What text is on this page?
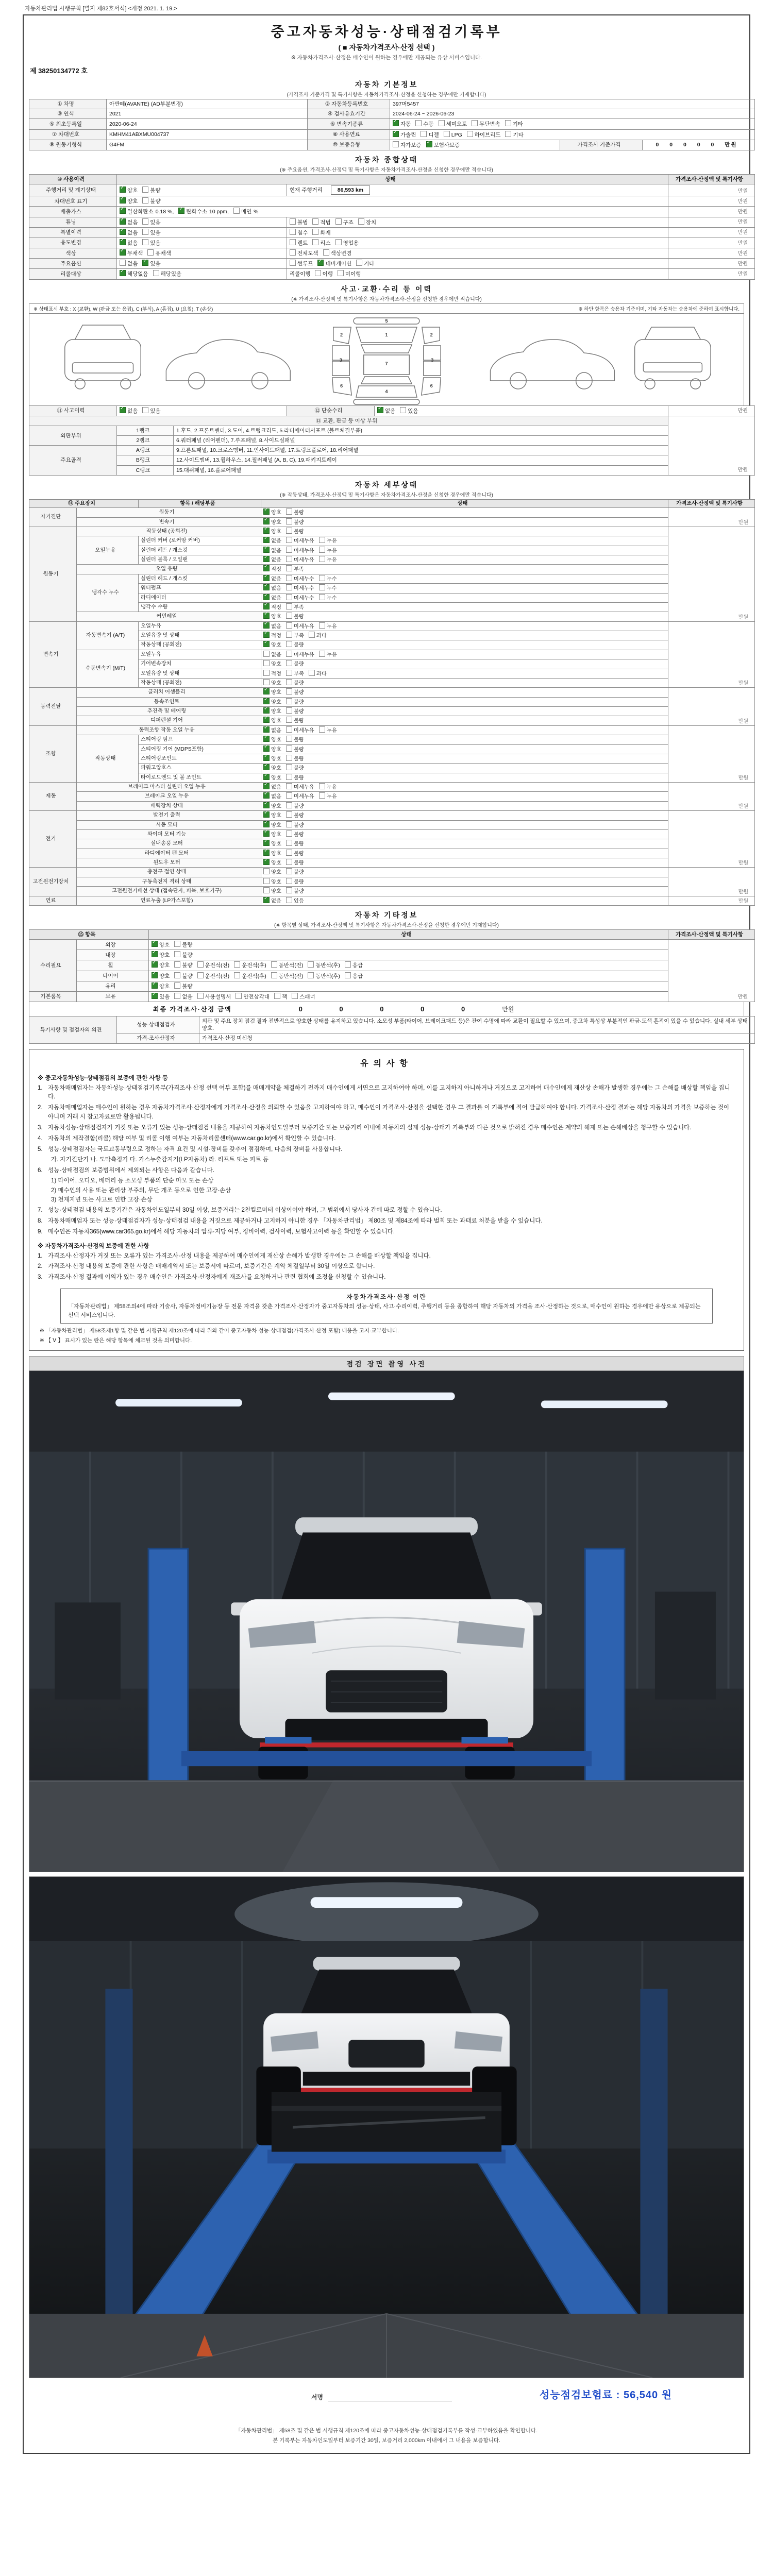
자동차관리법 시행규칙 [별지 제82호서식] <개정 2021. 1. 19.>
중고자동차성능·상태점검기록부
( ■ 자동차가격조사·산정 선택 )
※ 자동차가격조사·산정은 매수인이 원하는 경우에만 제공되는 유상 서비스입니다.
제 38250134772 호
자동차 기본정보
(가격조사 기준가격 및 특기사항은 자동차가격조사·산정을 신청하는 경우에만 기재합니다)
① 차명	아반떼(AVANTE) (AD부분변경)	② 자동차등록번호	397머5457		
③ 연식	2021	④ 검사유효기간	2024-06-24 ~ 2026-06-23		
⑤ 최초등록일	2020-06-24	⑥ 변속기종류	✓자동 수동 세미오토 무단변속 기타
⑦ 차대번호	KMHM41ABXMU004737	⑧ 사용연료	✓가솔린 디젤 LPG 하이브리드 기타
⑨ 원동기형식	G4FM	⑩ 보증유형	자가보증 ✓ 보험사보증	가격조사 기준가격	0 0 0 0 0 만원
자동차 종합상태
(※ 주요옵션, 가격조사·산정액 및 특기사항은 자동차가격조사·산정을 신청한 경우에만 적습니다)
⑩ 사용이력	상태		가격조사·산정액 및 특기사항
주행거리 및 계기상태	✓양호 불량	현재 주행거리 86,593 km	만원
차대번호 표기	✓양호 불량		만원
배출가스	✓일산화탄소 0.18 %, ✓ 탄화수소 10 ppm, 매연 %		만원
튜닝	✓없음 있음	불법 적법 구조 장치	만원
특별이력	✓없음 있음	침수 화재	만원
용도변경	✓없음 있음	렌트 리스 영업용	만원
색상	✓무채색 유채색	전체도색 색상변경	만원
주요옵션	없음 ✓ 있음	썬루프 ✓ 네비게이션 기타	만원
리콜대상	✓해당없음 해당있음	리콜이행 이행 미이행	만원
사고·교환·수리 등 이력
(※ 가격조사·산정액 및 특기사항은 자동차가격조사·산정을 신청한 경우에만 적습니다)
※ 상태표시 부호 : X (교환), W (판금 또는 용접), C (부식), A (흠집), U (요철), T (손상)	※ 하단 항목은 승용차 기준이며, 기타 자동차는 승용차에 준하여 표시합니다.
5
1
7
4
2	2
3	3
6	6
⑪ 사고이력	✓없음 있음	⑫ 단순수리	✓없음 있음	만원
⑬ 교환, 판금 등 이상 부위			만원
외판부위	1랭크	1.후드, 2.프론트펜더, 3.도어, 4.트렁크리드, 5.라디에이터서포트 (볼트체결부품)	
	2랭크	6.쿼터패널 (리어펜더), 7.루프패널, 8.사이드실패널	
주요골격	A랭크	9.프론트패널, 10.크로스멤버, 11.인사이드패널, 17.트렁크플로어, 18.리어패널	
	B랭크	12.사이드멤버, 13.휠하우스, 14.필러패널 (A, B, C), 19.패키지트레이	
	C랭크	15.대쉬패널, 16.플로어패널	
자동차 세부상태
(※ 작동상태, 가격조사·산정액 및 특기사항은 자동차가격조사·산정을 신청한 경우에만 적습니다)
⑭ 주요장치		항목 / 해당부품	상태	가격조사·산정액 및 특기사항
자기진단	원동기	✓양호 불량	만원
	변속기	✓양호 불량
원동기	작동상태 (공회전)	✓양호 불량	만원
	오일누유	실린더 커버 (로커암 커버)	✓없음 미세누유 누유
		실린더 헤드 / 개스킷	✓없음 미세누유 누유
		실린더 블록 / 오일팬	✓없음 미세누유 누유
	오일 유량	✓적정 부족
	냉각수 누수	실린더 헤드 / 개스킷	✓없음 미세누수 누수
		워터펌프	✓없음 미세누수 누수
		라디에이터	✓없음 미세누수 누수
		냉각수 수량	✓적정 부족
	커먼레일	✓양호 불량
변속기	자동변속기 (A/T)	오일누유	✓없음 미세누유 누유	만원
		오일유량 및 상태	✓적정 부족 과다
		작동상태 (공회전)	✓양호 불량
	수동변속기 (M/T)	오일누유	없음 미세누유 누유	
		기어변속장치	양호 불량	
		오일유량 및 상태	적정 부족 과다	
		작동상태 (공회전)	양호 불량	
동력전달	클러치 어셈블리	✓양호 불량	만원
	등속조인트	✓양호 불량
	추진축 및 베어링	✓양호 불량
	디퍼렌셜 기어	✓양호 불량
조향	동력조향 작동 오일 누유	✓없음 미세누유 누유	만원
	작동상태	스티어링 펌프	✓양호 불량
		스티어링 기어 (MDPS포함)	✓양호 불량
		스티어링조인트	✓양호 불량
		파워고압호스	✓양호 불량
		타이로드엔드 및 볼 조인트	✓양호 불량
제동	브레이크 마스터 실린더 오일 누유	✓없음 미세누유 누유	만원
	브레이크 오일 누유	✓없음 미세누유 누유
	배력장치 상태	✓양호 불량
전기	발전기 출력	✓양호 불량	만원
	시동 모터	✓양호 불량
	와이퍼 모터 기능	✓양호 불량
	실내송풍 모터	✓양호 불량
	라디에이터 팬 모터	✓양호 불량
	윈도우 모터	✓양호 불량
고전원전기장치	충전구 절연 상태		양호 불량	만원
	구동축전지 격리 상태		양호 불량	
	고전원전기배선 상태 (접속단자, 피복, 보호기구)		양호 불량	
연료	연료누출 (LP가스포함)	✓없음 있음	만원
자동차 기타정보
(※ 항목별 상태, 가격조사·산정액 및 특기사항은 자동차가격조사·산정을 신청한 경우에만 기재합니다)
⑮ 항목		상태	가격조사·산정액 및 특기사항
수리필요	외장	✓양호 불량	만원
	내장	✓양호 불량
	휠	✓양호 불량 운전석(전) 운전석(후) 동반석(전) 동반석(후) 응급
	타이어	✓양호 불량 운전석(전) 운전석(후) 동반석(전) 동반석(후) 응급
	유리	✓양호 불량
기본품목	보유	✓있음 없음 사용설명서 안전삼각대 잭 스패너
최종 가격조사·산정 금액	0 0 0 0 0	만원
특기사항 및 점검자의 의견	성능·상태점검자	외관 및 주요 장치 점검 결과 전반적으로 양호한 상태를 유지하고 있습니다. 소모성 부품(타이어, 브레이크패드 등)은 잔여 수명에 따라 교환이 필요할 수 있으며, 중고차 특성상 부분적인 판금·도색 흔적이 있을 수 있습니다. 실내 세부 상태 양호.
	가격·조사산정자	가격조사·산정 미신청
유의사항
※ 중고자동차성능·상태점검의 보증에 관한 사항 등
1. 자동차매매업자는 자동차성능·상태점검기록부(가격조사·산정 선택 여부 포함)를 매매계약을 체결하기 전까지 매수인에게 서면으로 고지하여야 하며, 이를 고지하지 아니하거나 거짓으로 고지하여 매수인에게 재산상 손해가 발생한 경우에는 그 손해를 배상할 책임을 집니다.
2. 자동차매매업자는 매수인이 원하는 경우 자동차가격조사·산정자에게 가격조사·산정을 의뢰할 수 있음을 고지하여야 하고, 매수인이 가격조사·산정을 선택한 경우 그 결과를 이 기록부에 적어 발급하여야 합니다. 가격조사·산정 결과는 해당 자동차의 가격을 보증하는 것이 아니며 거래 시 참고자료로만 활용됩니다.
3. 자동차성능·상태점검자가 거짓 또는 오류가 있는 성능·상태점검 내용을 제공하여 자동차인도일부터 보증기간 또는 보증거리 이내에 자동차의 실제 성능·상태가 기록부와 다른 것으로 밝혀진 경우 매수인은 계약의 해제 또는 손해배상을 청구할 수 있습니다.
4. 자동차의 제작결함(리콜) 해당 여부 및 리콜 이행 여부는 자동차리콜센터(www.car.go.kr)에서 확인할 수 있습니다.
5. 성능·상태점검자는 국토교통부령으로 정하는 자격 요건 및 시설·장비를 갖추어 점검하며, 다음의 장비를 사용합니다.
가. 자기진단기 나. 도막측정기 다. 가스누출감지기(LP자동차) 라. 리프트 또는 피트 등
6. 성능·상태점검의 보증범위에서 제외되는 사항은 다음과 같습니다.
1) 타이어, 오디오, 배터리 등 소모성 부품의 단순 마모 또는 손상
2) 매수인의 사용 또는 관리상 부주의, 무단 개조 등으로 인한 고장·손상
3) 천재지변 또는 사고로 인한 고장·손상
7. 성능·상태점검 내용의 보증기간은 자동차인도일부터 30일 이상, 보증거리는 2천킬로미터 이상이어야 하며, 그 범위에서 당사자 간에 따로 정할 수 있습니다.
8. 자동차매매업자 또는 성능·상태점검자가 성능·상태점검 내용을 거짓으로 제공하거나 고지하지 아니한 경우 「자동차관리법」 제80조 및 제84조에 따라 벌칙 또는 과태료 처분을 받을 수 있습니다.
9. 매수인은 자동차365(www.car365.go.kr)에서 해당 자동차의 압류·저당 여부, 정비이력, 검사이력, 보험사고이력 등을 확인할 수 있습니다.
※ 자동차가격조사·산정의 보증에 관한 사항
1. 가격조사·산정자가 거짓 또는 오류가 있는 가격조사·산정 내용을 제공하여 매수인에게 재산상 손해가 발생한 경우에는 그 손해를 배상할 책임을 집니다.
2. 가격조사·산정 내용의 보증에 관한 사항은 매매계약서 또는 보증서에 따르며, 보증기간은 계약 체결일부터 30일 이상으로 합니다.
3. 가격조사·산정 결과에 이의가 있는 경우 매수인은 가격조사·산정자에게 재조사를 요청하거나 관련 협회에 조정을 신청할 수 있습니다.
자동차가격조사·산정 이란
「자동차관리법」 제58조의4에 따라 기술사, 자동차정비기능장 등 전문 자격을 갖춘 가격조사·산정자가 중고자동차의 성능·상태, 사고·수리이력, 주행거리 등을 종합하여 해당 자동차의 가격을 조사·산정하는 것으로, 매수인이 원하는 경우에만 유상으로 제공되는 선택 서비스입니다.
※ 「자동차관리법」 제58조제1항 및 같은 법 시행규칙 제120조에 따라 위와 같이 중고자동차 성능·상태점검(가격조사·산정 포함) 내용을 고지·교부합니다.
※ 【 Ⅴ 】 표시가 있는 란은 해당 항목에 체크된 것을 의미합니다.
점검 장면 촬영 사진
서명	성능점검보험료 : 56,540 원
「자동차관리법」 제58조 및 같은 법 시행규칙 제120조에 따라 중고자동차성능·상태점검기록부를 작성·교부하였음을 확인합니다.
본 기록부는 자동차인도일부터 보증기간 30일, 보증거리 2,000km 이내에서 그 내용을 보증합니다.
